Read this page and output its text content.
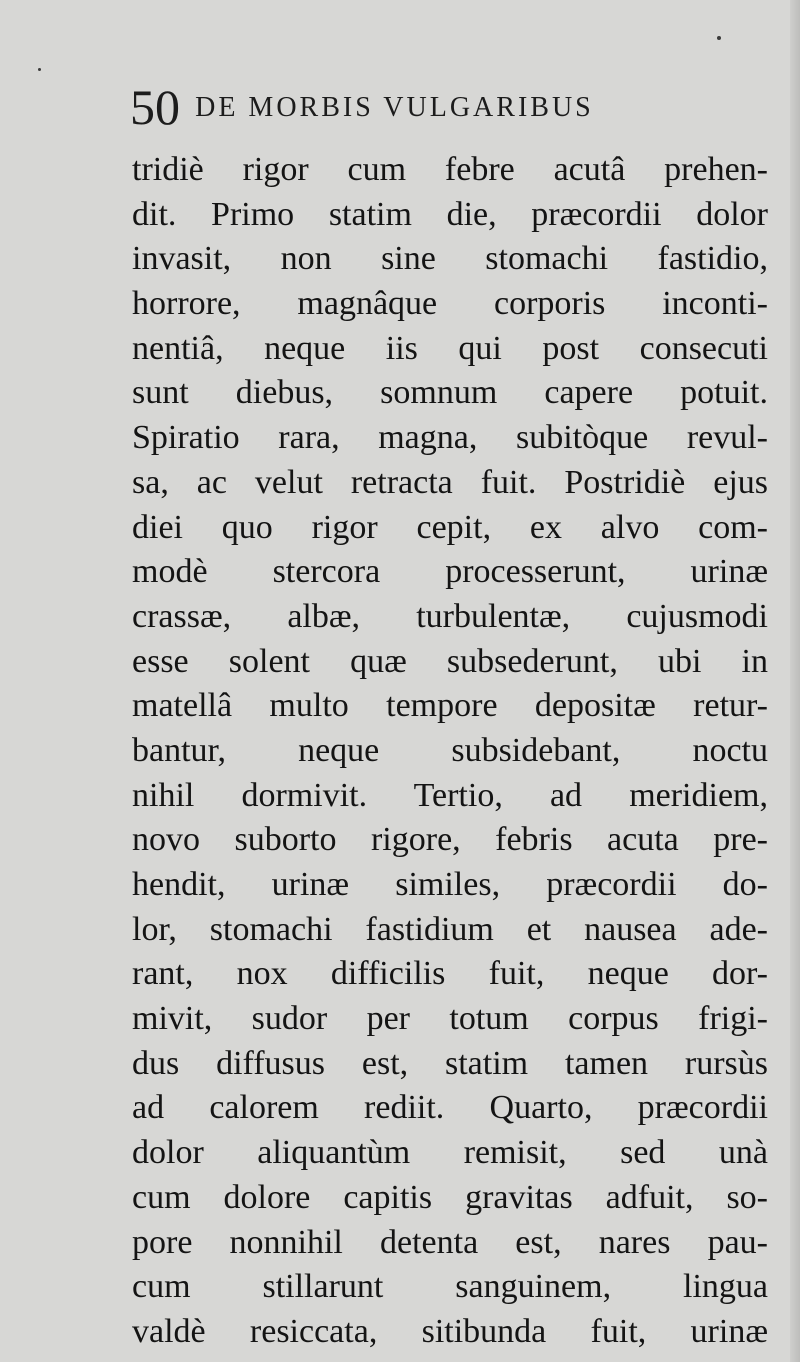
50 DE MORBIS VULGARIBUS
tridiè rigor cum febre acutâ prehen-
dit. Primo statim die, præcordii dolor
invasit, non sine stomachi fastidio,
horrore, magnâque corporis inconti-
nentiâ, neque iis qui post consecuti
sunt diebus, somnum capere potuit.
Spiratio rara, magna, subitòque revul-
sa, ac velut retracta fuit. Postridiè ejus
diei quo rigor cepit, ex alvo com-
modè stercora processerunt, urinæ
crassæ, albæ, turbulentæ, cujusmodi
esse solent quæ subsederunt, ubi in
matellâ multo tempore depositæ retur-
bantur, neque subsidebant, noctu
nihil dormivit. Tertio, ad meridiem,
novo suborto rigore, febris acuta pre-
hendit, urinæ similes, præcordii do-
lor, stomachi fastidium et nausea ade-
rant, nox difficilis fuit, neque dor-
mivit, sudor per totum corpus frigi-
dus diffusus est, statim tamen rursùs
ad calorem rediit. Quarto, præcordii
dolor aliquantùm remisit, sed unà
cum dolore capitis gravitas adfuit, so-
pore nonnihil detenta est, nares pau-
cum stillarunt sanguinem, lingua
valdè resiccata, sitibunda fuit, urinæ
